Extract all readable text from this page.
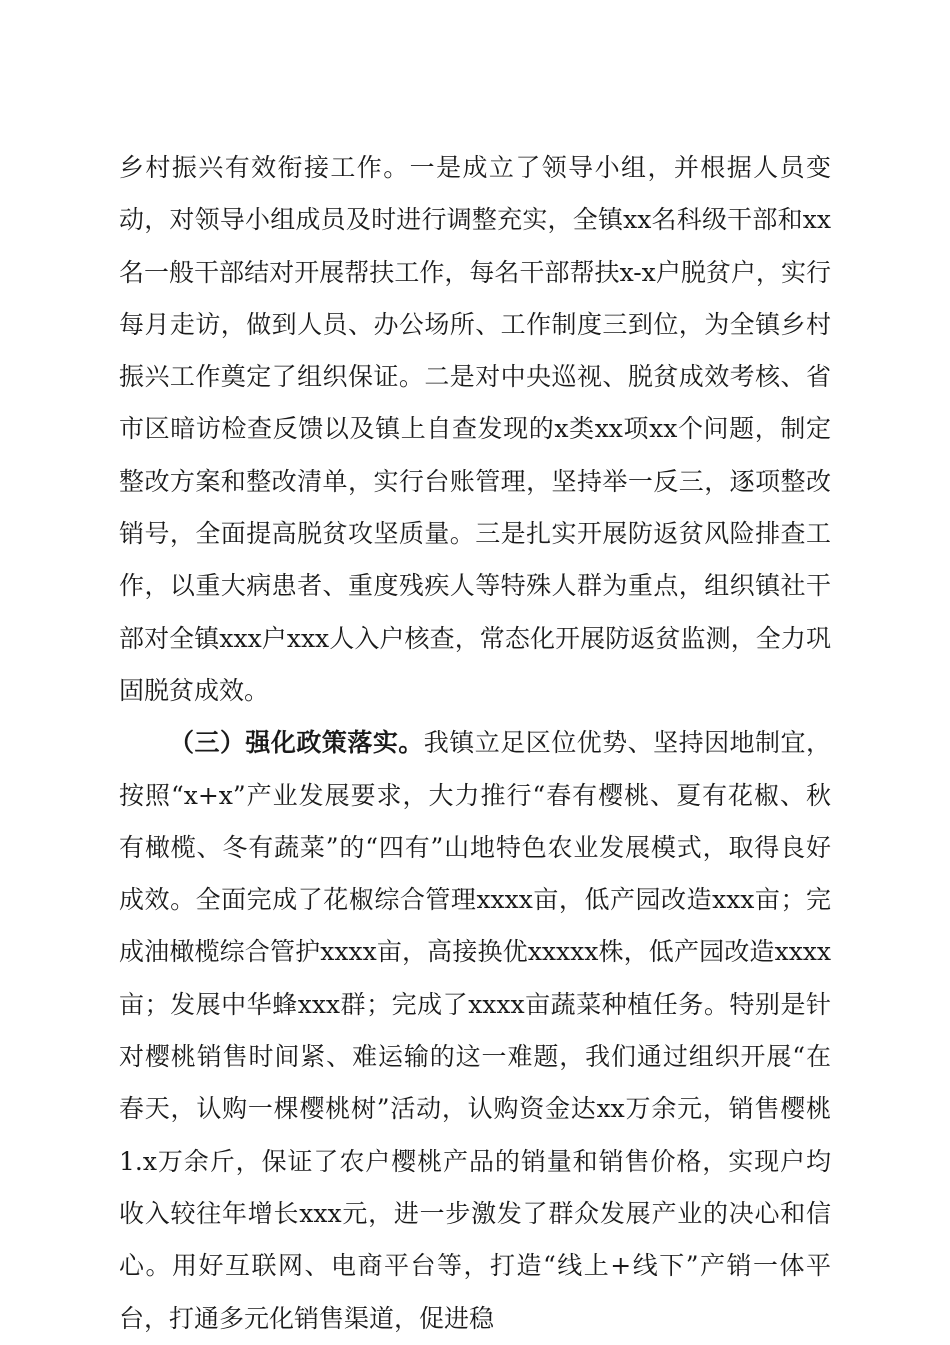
乡村振兴有效衔接工作。一是成立了领导小组，并根据人员变动，对领导小组成员及时进行调整充实，全镇xx名科级干部和xx名一般干部结对开展帮扶工作，每名干部帮扶x-x户脱贫户，实行每月走访，做到人员、办公场所、工作制度三到位，为全镇乡村振兴工作奠定了组织保证。二是对中央巡视、脱贫成效考核、省市区暗访检查反馈以及镇上自查发现的x类xx项xx个问题，制定整改方案和整改清单，实行台账管理，坚持举一反三，逐项整改销号，全面提高脱贫攻坚质量。三是扎实开展防返贫风险排查工作，以重大病患者、重度残疾人等特殊人群为重点，组织镇社干部对全镇xxx户xxx人入户核查，常态化开展防返贫监测，全力巩固脱贫成效。

（三）强化政策落实。我镇立足区位优势、坚持因地制宜，按照“x+x”产业发展要求，大力推行“春有樱桃、夏有花椒、秋有橄榄、冬有蔬菜”的“四有”山地特色农业发展模式，取得良好成效。全面完成了花椒综合管理xxxx亩，低产园改造xxx亩；完成油橄榄综合管护xxxx亩，高接换优xxxxx株，低产园改造xxxx亩；发展中华蜂xxx群；完成了xxxx亩蔬菜种植任务。特别是针对樱桃销售时间紧、难运输的这一难题，我们通过组织开展“在春天，认购一棵樱桃树”活动，认购资金达xx万余元，销售樱桃1.x万余斤，保证了农户樱桃产品的销量和销售价格，实现户均收入较往年增长xxx元，进一步激发了群众发展产业的决心和信心。用好互联网、电商平台等，打造“线上+线下”产销一体平台，打通多元化销售渠道，促进稳
